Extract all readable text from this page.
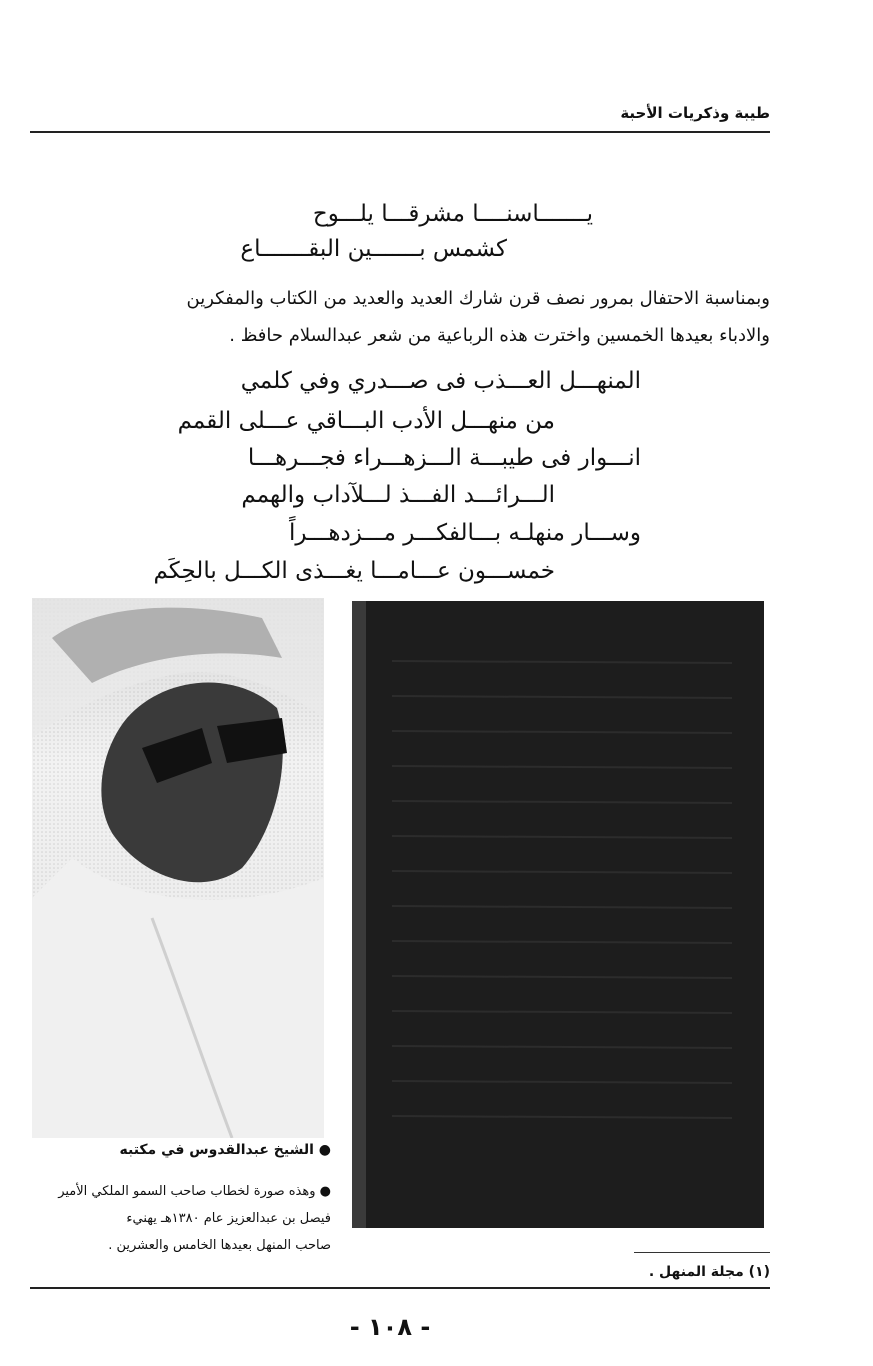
طيبة وذكريات الأحبة
يـــــــاسنــــا مشرقـــا يلـــوح
كشمس بـــــــين البقـــــــاع
وبمناسبة الاحتفال بمرور نصف قرن شارك العديد والعديد من الكتاب والمفكرين
والادباء بعيدها الخمسين واخترت هذه الرباعية من شعر عبدالسلام حافظ .
المنهـــل العـــذب فى صـــدري وفي كلمي
من منهـــل الأدب البـــاقي عـــلى القمم
انـــوار فى طيبـــة الـــزهـــراء فجـــرهـــا
الـــرائـــد الفـــذ لـــلآداب والهمم
وســـار منهلـه بـــالفكـــر مـــزدهـــراً
خمســـون عـــامـــا يغـــذى الكـــل بالحِكَم
● الشيخ عبدالقدوس في مكتبه
● وهذه صورة لخطاب صاحب السمو الملكي الأمير
فيصل بن عبدالعزيز عام ١٣٨٠هـ يهنيء
صاحب المنهل بعيدها الخامس والعشرين .
(١) مجلة المنهل .
- ١٠٨ -
